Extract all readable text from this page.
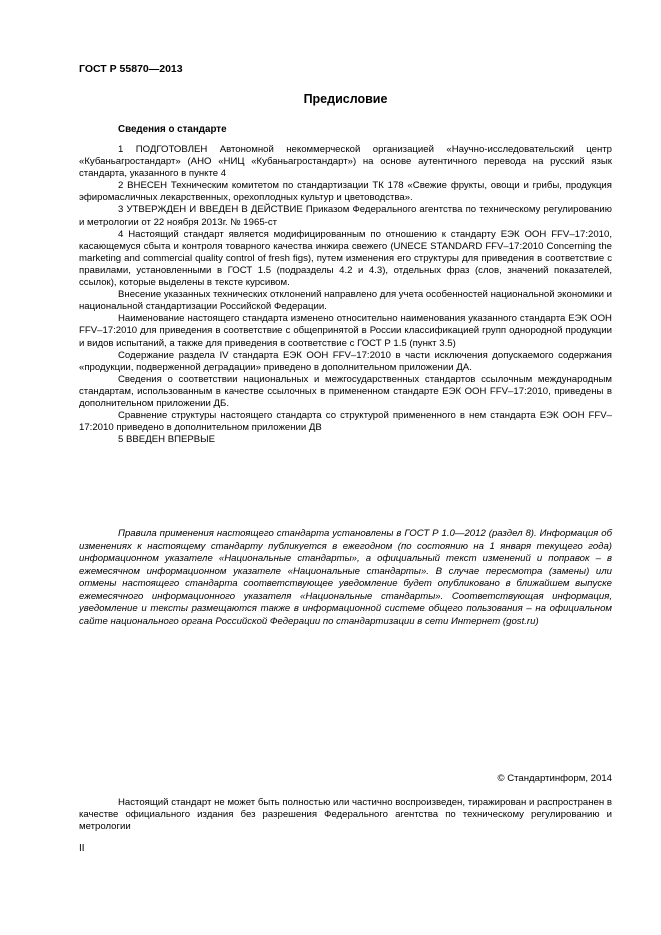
ГОСТ Р 55870—2013
Предисловие
Сведения о стандарте

1 ПОДГОТОВЛЕН Автономной некоммерческой организацией «Научно-исследовательский центр «Кубаньагростандарт» (АНО «НИЦ «Кубаньагростандарт») на основе аутентичного перевода на русский язык стандарта, указанного в пункте 4

2 ВНЕСЕН Техническим комитетом по стандартизации ТК 178 «Свежие фрукты, овощи и грибы, продукция эфиромасличных лекарственных, орехоплодных культур и цветоводства».

3 УТВЕРЖДЕН И ВВЕДЕН В ДЕЙСТВИЕ Приказом Федерального агентства по техническому регулированию и метрологии от 22 ноября 2013г. № 1965-ст

4 Настоящий стандарт является модифицированным по отношению к стандарту ЕЭК ООН FFV–17:2010, касающемуся сбыта и контроля товарного качества инжира свежего (UNECE STANDARD FFV–17:2010 Concerning the marketing and commercial quality control of fresh figs), путем изменения его структуры для приведения в соответствие с правилами, установленными в ГОСТ 1.5 (подразделы 4.2 и 4.3), отдельных фраз (слов, значений показателей, ссылок), которые выделены в тексте курсивом.

Внесение указанных технических отклонений направлено для учета особенностей национальной экономики и национальной стандартизации Российской Федерации.

Наименование настоящего стандарта изменено относительно наименования указанного стандарта ЕЭК ООН FFV–17:2010 для приведения в соответствие с общепринятой в России классификацией групп однородной продукции и видов испытаний, а также для приведения в соответствие с ГОСТ Р 1.5 (пункт 3.5)

Содержание раздела IV стандарта ЕЭК ООН FFV–17:2010 в части исключения допускаемого содержания «продукции, подверженной деградации» приведено в дополнительном приложении ДА.

Сведения о соответствии национальных и межгосударственных стандартов ссылочным международным стандартам, использованным в качестве ссылочных в примененном стандарте ЕЭК ООН FFV–17:2010, приведены в дополнительном приложении ДБ.

Сравнение структуры настоящего стандарта со структурой примененного в нем стандарта ЕЭК ООН FFV–17:2010 приведено в дополнительном приложении ДВ

5 ВВЕДЕН ВПЕРВЫЕ

Правила применения настоящего стандарта установлены в ГОСТ Р 1.0—2012 (раздел 8). Информация об изменениях к настоящему стандарту публикуется в ежегодном (по состоянию на 1 января текущего года) информационном указателе «Национальные стандарты», а официальный текст изменений и поправок – в ежемесячном информационном указателе «Национальные стандарты». В случае пересмотра (замены) или отмены настоящего стандарта соответствующее уведомление будет опубликовано в ближайшем выпуске ежемесячного информационного указателя «Национальные стандарты». Соответствующая информация, уведомление и тексты размещаются также в информационной системе общего пользования – на официальном сайте национального органа Российской Федерации по стандартизации в сети Интернет (gost.ru)

© Стандартинформ, 2014

Настоящий стандарт не может быть полностью или частично воспроизведен, тиражирован и распространен в качестве официального издания без разрешения Федерального агентства по техническому регулированию и метрологии

II
